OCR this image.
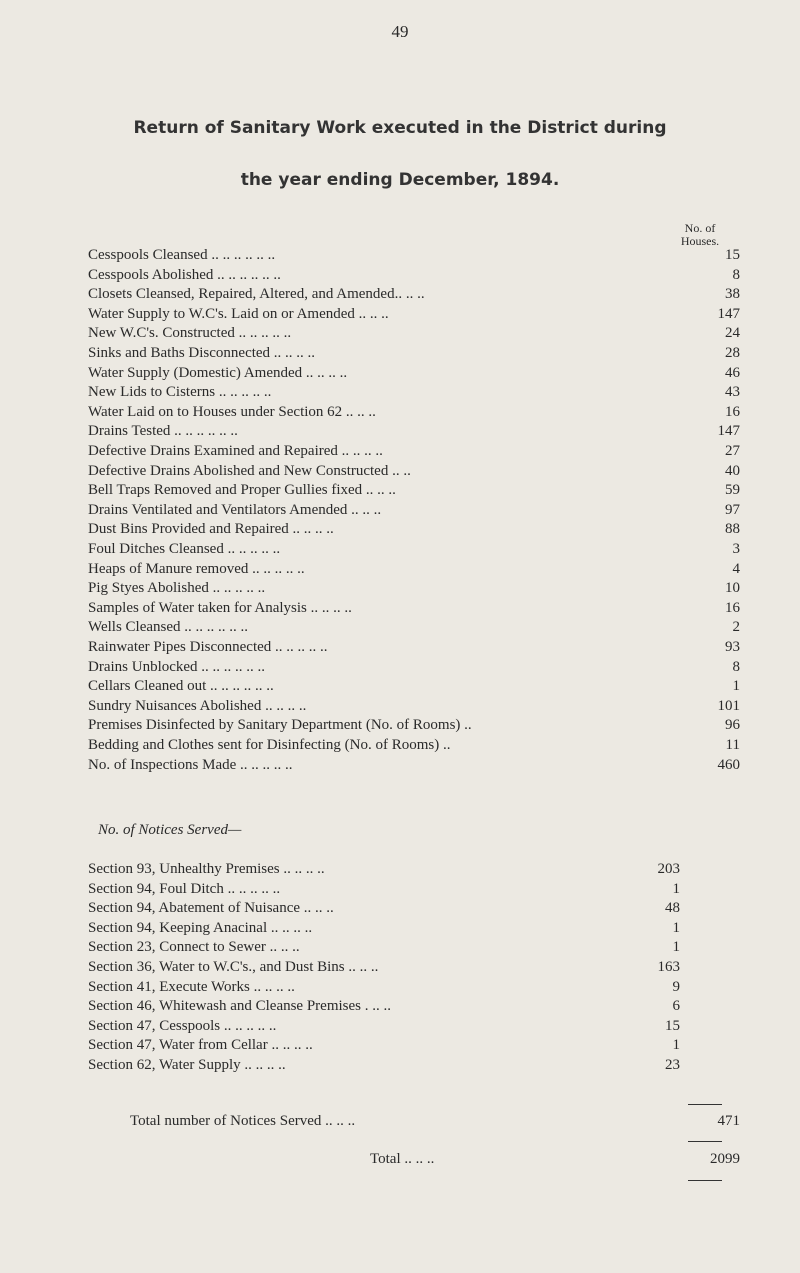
49
Return of Sanitary Work executed in the District during
the year ending December, 1894.
No. of
Houses.
Cesspools Cleansed .. .. .. .. .. ..	15
Cesspools Abolished .. .. .. .. .. ..	8
Closets Cleansed, Repaired, Altered, and Amended.. .. ..	38
Water Supply to W.C's. Laid on or Amended .. .. ..	147
New W.C's. Constructed .. .. .. .. ..	24
Sinks and Baths Disconnected .. .. .. ..	28
Water Supply (Domestic) Amended .. .. .. ..	46
New Lids to Cisterns .. .. .. .. ..	43
Water Laid on to Houses under Section 62 .. .. ..	16
Drains Tested .. .. .. .. .. ..	147
Defective Drains Examined and Repaired .. .. .. ..	27
Defective Drains Abolished and New Constructed .. ..	40
Bell Traps Removed and Proper Gullies fixed .. .. ..	59
Drains Ventilated and Ventilators Amended .. .. ..	97
Dust Bins Provided and Repaired .. .. .. ..	88
Foul Ditches Cleansed .. .. .. .. ..	3
Heaps of Manure removed .. .. .. .. ..	4
Pig Styes Abolished .. .. .. .. ..	10
Samples of Water taken for Analysis .. .. .. ..	16
Wells Cleansed .. .. .. .. .. ..	2
Rainwater Pipes Disconnected .. .. .. .. ..	93
Drains Unblocked .. .. .. .. .. ..	8
Cellars Cleaned out .. .. .. .. .. ..	1
Sundry Nuisances Abolished .. .. .. ..	101
Premises Disinfected by Sanitary Department (No. of Rooms) ..	96
Bedding and Clothes sent for Disinfecting (No. of Rooms) ..	11
No. of Inspections Made .. .. .. .. ..	460
No. of Notices Served—
Section 93, Unhealthy Premises .. .. .. ..	203
Section 94, Foul Ditch .. .. .. .. ..	1
Section 94, Abatement of Nuisance .. .. ..	48
Section 94, Keeping Anacinal .. .. .. ..	1
Section 23, Connect to Sewer .. .. ..	1
Section 36, Water to W.C's., and Dust Bins .. .. ..	163
Section 41, Execute Works .. .. .. ..	9
Section 46, Whitewash and Cleanse Premises . .. ..	6
Section 47, Cesspools .. .. .. .. ..	15
Section 47, Water from Cellar .. .. .. ..	1
Section 62, Water Supply .. .. .. ..	23
Total number of Notices Served .. .. ..	471
Total .. .. ..	2099
